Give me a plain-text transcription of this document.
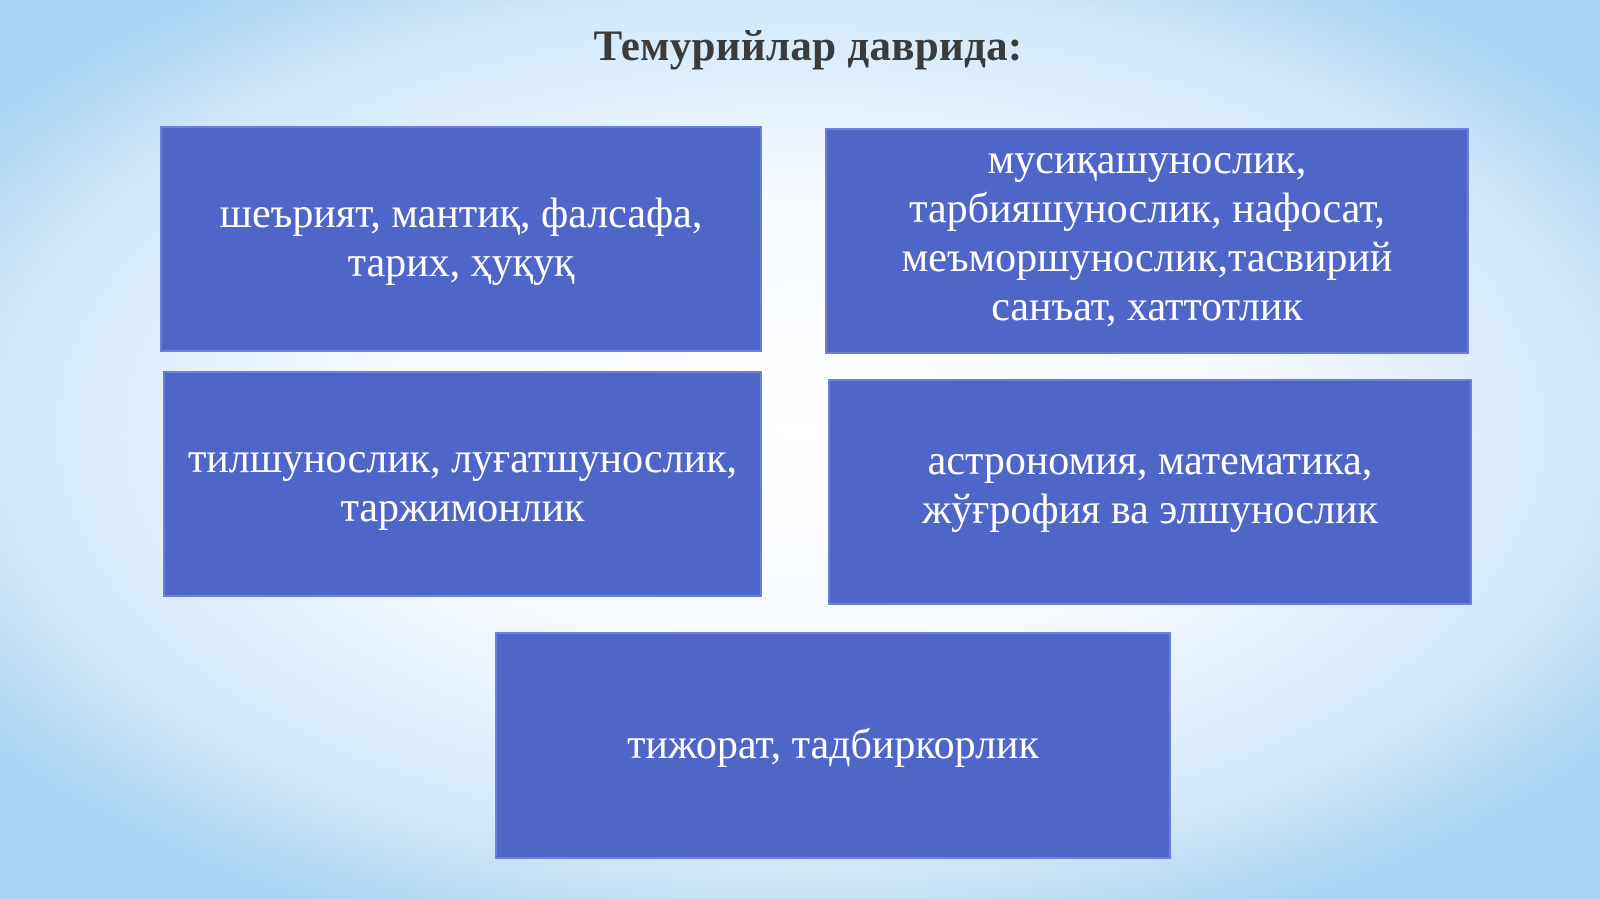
Темурийлар даврида:
шеърият, мантиқ, фалсафа, тарих, ҳуқуқ
мусиқашунослик, тарбияшунослик, нафосат, меъморшунослик,тасвирий санъат, хаттотлик
тилшунослик, луғатшунослик, таржимонлик
астрономия, математика, жўғрофия ва элшунослик
тижорат, тадбиркорлик
